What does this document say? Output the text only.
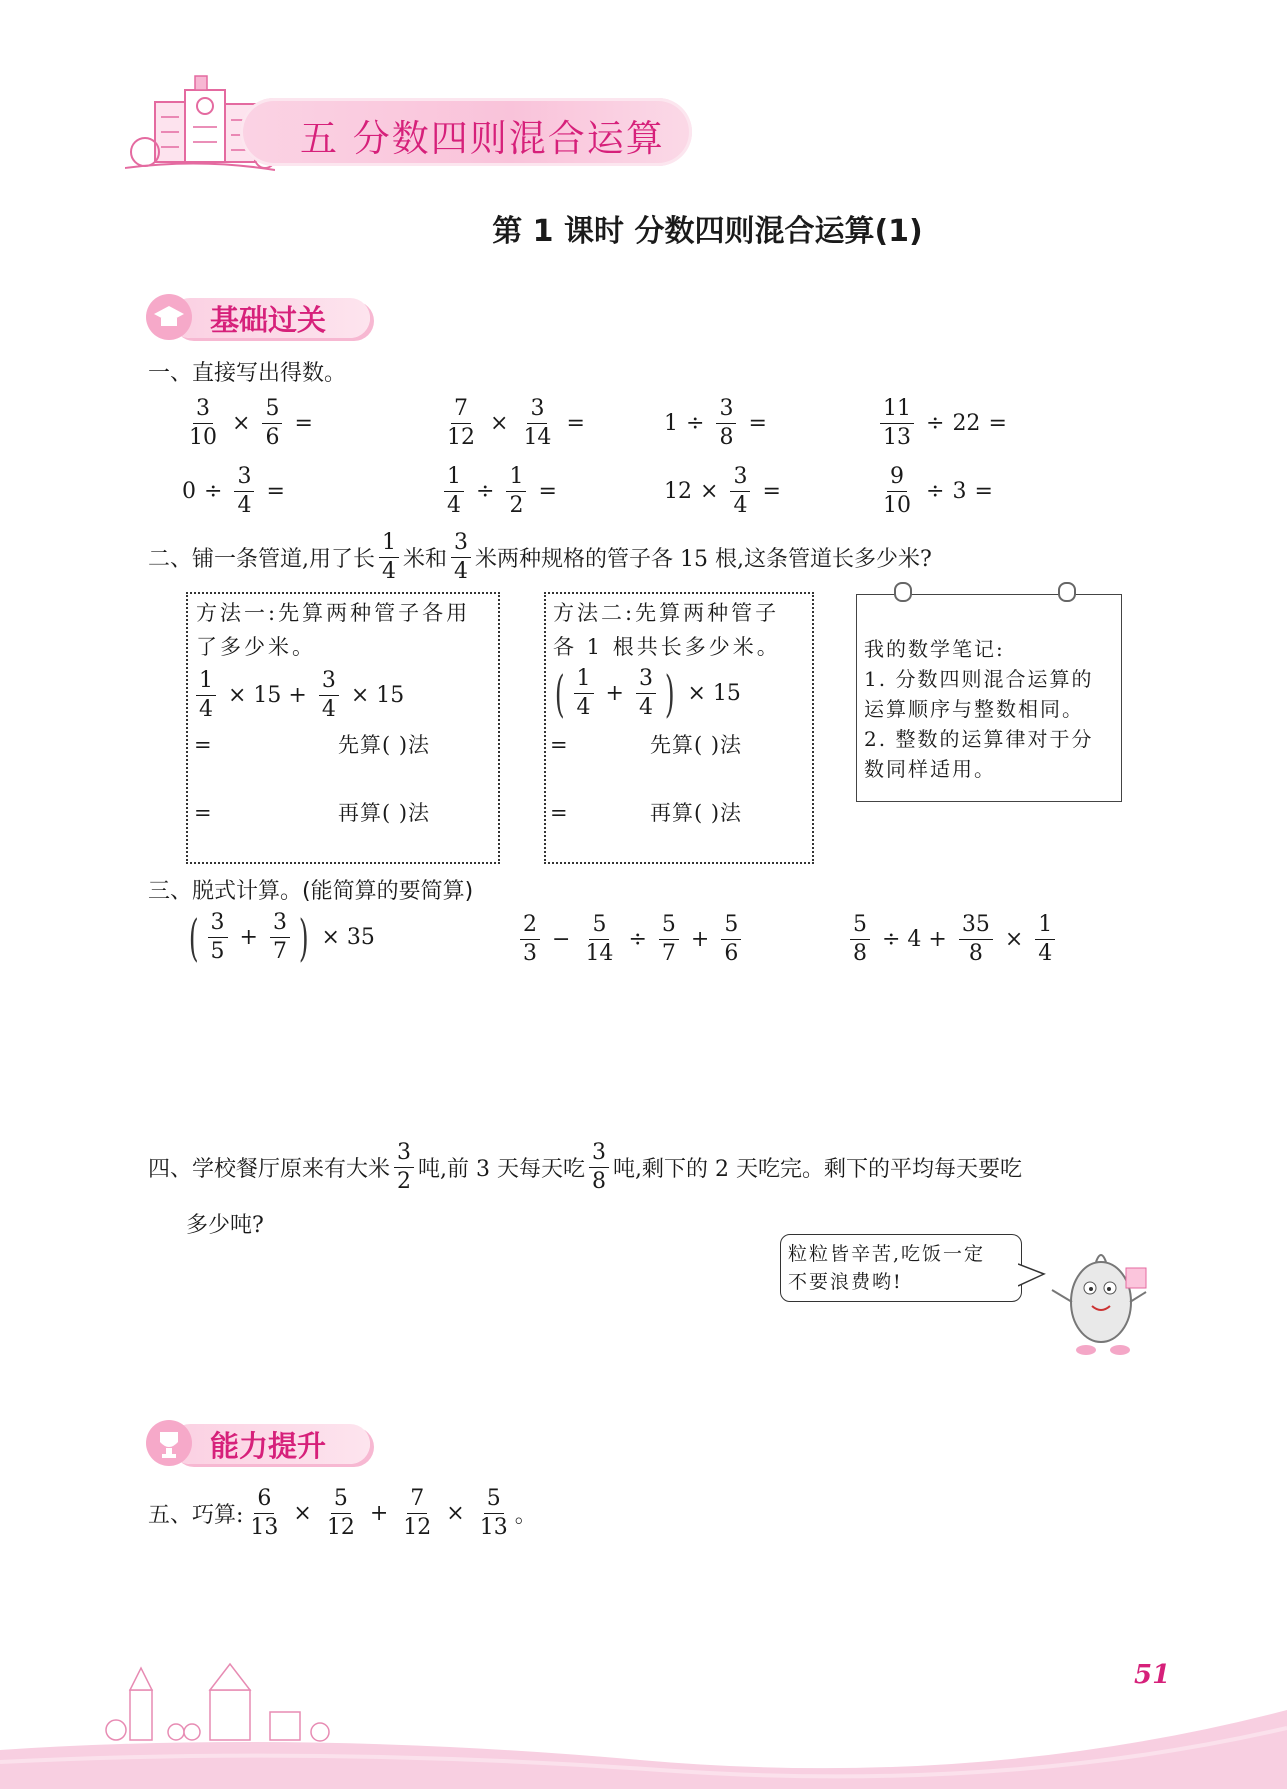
五 分数四则混合运算
第 1 课时 分数四则混合运算(1)
基础过关
一、直接写出得数。
$\frac{3}{10} \times \frac{5}{6}$ =	$\frac{7}{12} \times \frac{3}{14}$ =	$1 \div \frac{3}{8}$ =	$\frac{11}{13} \div 22$ =
$0 \div \frac{3}{4}$ =	$\frac{1}{4} \div \frac{1}{2}$ =	$12 \times \frac{3}{4}$ =	$\frac{9}{10} \div 3$ =
二、铺一条管道,用了长 $\frac{1}{4}$ 米和 $\frac{3}{4}$ 米两种规格的管子各 15 根,这条管道长多少米?
方法一:先算两种管子各用
了多少米。
$\frac{1}{4} \times 15 + \frac{3}{4} \times 15$
=	先算( )法
=	再算( )法
方法二:先算两种管子
各 1 根共长多少米。
( $\frac{1}{4} + \frac{3}{4}$ ) × 15
=	先算( )法
=	再算( )法
我的数学笔记:
1. 分数四则混合运算的
运算顺序与整数相同。
2. 整数的运算律对于分
数同样适用。
三、脱式计算。(能简算的要简算)
( $\frac{3}{5} + \frac{3}{7}$ ) × 35	$\frac{2}{3} - \frac{5}{14} \div \frac{5}{7} + \frac{5}{6}$	$\frac{5}{8} \div 4 + \frac{35}{8} \times \frac{1}{4}$
四、学校餐厅原来有大米 $\frac{3}{2}$ 吨,前 3 天每天吃 $\frac{3}{8}$ 吨,剩下的 2 天吃完。剩下的平均每天要吃
多少吨?
粒粒皆辛苦,吃饭一定
不要浪费哟!
能力提升
五、巧算: $\frac{6}{13} \times \frac{5}{12} + \frac{7}{12} \times \frac{5}{13}$ 。
51
